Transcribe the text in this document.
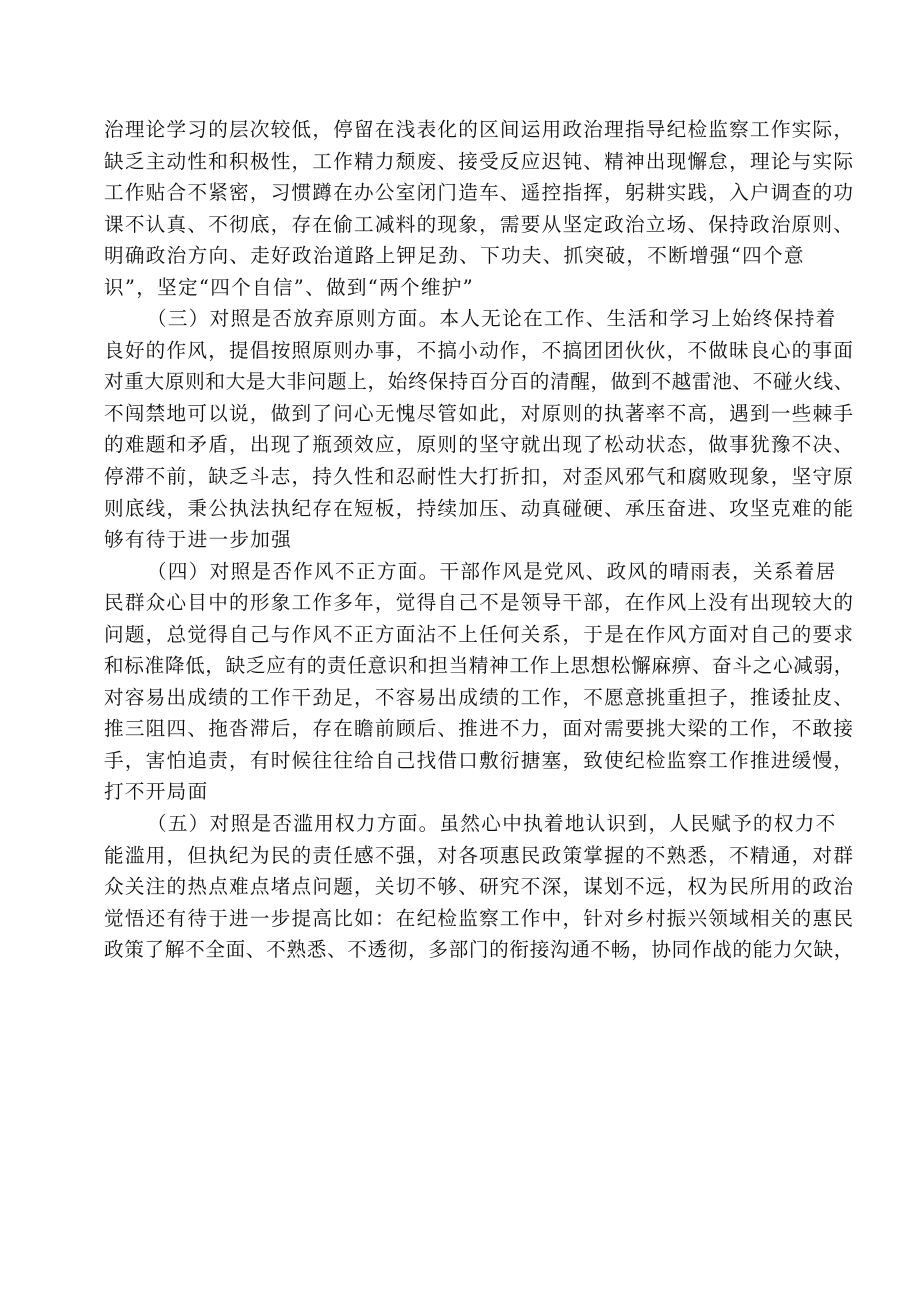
治理论学习的层次较低，停留在浅表化的区间运用政治理指导纪检监察工作实际，
缺乏主动性和积极性，工作精力颓废、接受反应迟钝、精神出现懈怠，理论与实际
工作贴合不紧密，习惯蹲在办公室闭门造车、遥控指挥，躬耕实践，入户调查的功
课不认真、不彻底，存在偷工减料的现象，需要从坚定政治立场、保持政治原则、
明确政治方向、走好政治道路上钾足劲、下功夫、抓突破，不断增强“四个意
识”，坚定“四个自信”、做到“两个维护”
（三）对照是否放弃原则方面。本人无论在工作、生活和学习上始终保持着
良好的作风，提倡按照原则办事，不搞小动作，不搞团团伙伙，不做昧良心的事面
对重大原则和大是大非问题上，始终保持百分百的清醒，做到不越雷池、不碰火线、
不闯禁地可以说，做到了问心无愧尽管如此，对原则的执著率不高，遇到一些棘手
的难题和矛盾，出现了瓶颈效应，原则的坚守就出现了松动状态，做事犹豫不决、
停滞不前，缺乏斗志，持久性和忍耐性大打折扣，对歪风邪气和腐败现象，坚守原
则底线，秉公执法执纪存在短板，持续加压、动真碰硬、承压奋进、攻坚克难的能
够有待于进一步加强
（四）对照是否作风不正方面。干部作风是党风、政风的晴雨表，关系着居
民群众心目中的形象工作多年，觉得自己不是领导干部，在作风上没有出现较大的
问题，总觉得自己与作风不正方面沾不上任何关系，于是在作风方面对自己的要求
和标准降低，缺乏应有的责任意识和担当精神工作上思想松懈麻痹、奋斗之心减弱，
对容易出成绩的工作干劲足，不容易出成绩的工作，不愿意挑重担子，推诿扯皮、
推三阻四、拖沓滞后，存在瞻前顾后、推进不力，面对需要挑大梁的工作，不敢接
手，害怕追责，有时候往往给自己找借口敷衍搪塞，致使纪检监察工作推进缓慢，
打不开局面
（五）对照是否滥用权力方面。虽然心中执着地认识到，人民赋予的权力不
能滥用，但执纪为民的责任感不强，对各项惠民政策掌握的不熟悉，不精通，对群
众关注的热点难点堵点问题，关切不够、研究不深，谋划不远，权为民所用的政治
觉悟还有待于进一步提高比如：在纪检监察工作中，针对乡村振兴领域相关的惠民
政策了解不全面、不熟悉、不透彻，多部门的衔接沟通不畅，协同作战的能力欠缺，
